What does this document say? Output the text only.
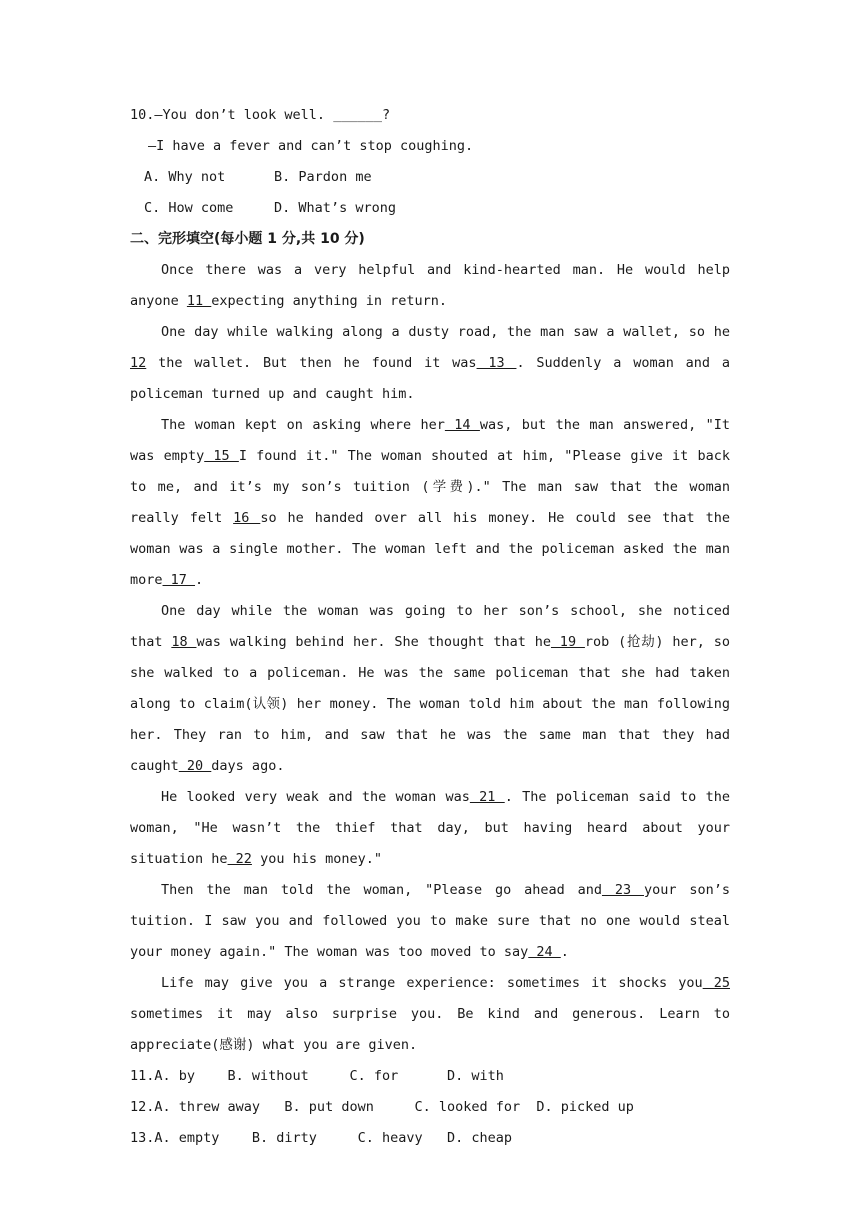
10.—You don’t look well. ______?
—I have a fever and can’t stop coughing.
A. Why not      B. Pardon me
C. How come     D. What’s wrong
二、完形填空(每小题 1 分,共 10 分)

Once there was a very helpful and kind-hearted man. He would help anyone 11 expecting anything in return.

One day while walking along a dusty road, the man saw a wallet, so he 12 the wallet. But then he found it was 13 . Suddenly a woman and a policeman turned up and caught him.

The woman kept on asking where her 14 was, but the man answered, "It was empty 15 I found it." The woman shouted at him, "Please give it back to me, and it’s my son’s tuition (学费)." The man saw that the woman really felt 16 so he handed over all his money. He could see that the woman was a single mother. The woman left and the policeman asked the man more 17 .

One day while the woman was going to her son’s school, she noticed that 18 was walking behind her. She thought that he 19 rob (抢劫) her, so she walked to a policeman. He was the same policeman that she had taken along to claim(认领) her money. The woman told him about the man following her. They ran to him, and saw that he was the same man that they had caught 20 days ago.

He looked very weak and the woman was 21 . The policeman said to the woman, "He wasn’t the thief that day, but having heard about your situation he 22 you his money."

Then the man told the woman, "Please go ahead and 23 your son’s tuition. I saw you and followed you to make sure that no one would steal your money again." The woman was too moved to say 24 .

Life may give you a strange experience: sometimes it shocks you 25 sometimes it may also surprise you. Be kind and generous. Learn to appreciate(感谢) what you are given.

11.A. by    B. without     C. for      D. with
12.A. threw away   B. put down     C. looked for  D. picked up
13.A. empty    B. dirty     C. heavy   D. cheap
